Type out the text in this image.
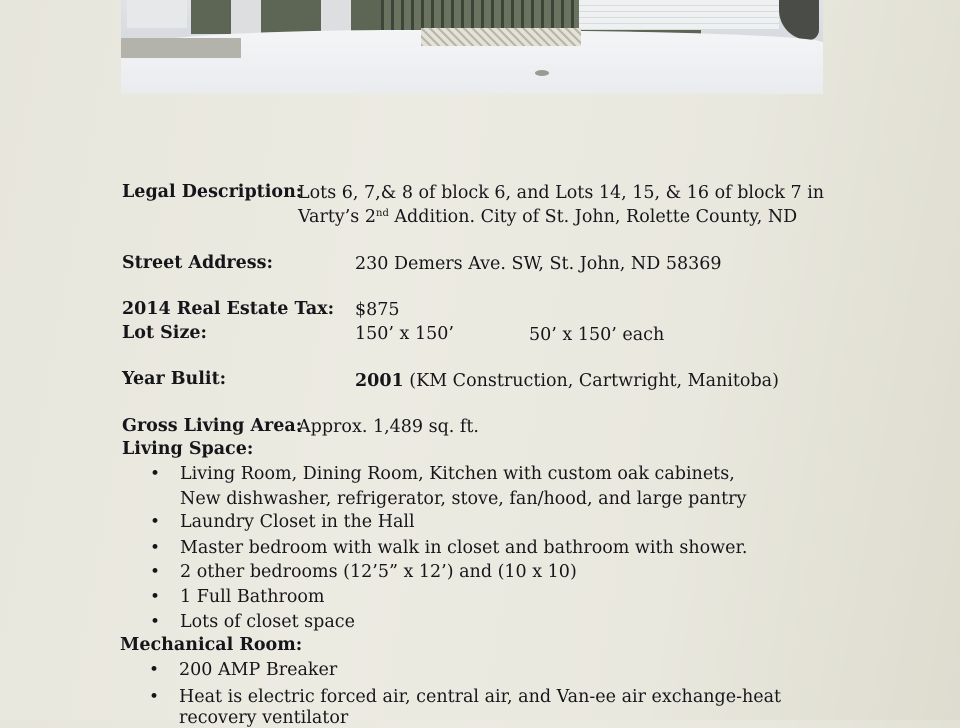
Legal Description:
Lots 6, 7,& 8 of block 6, and Lots 14, 15, & 16 of block 7 in
Varty’s 2nd Addition. City of St. John, Rolette County, ND
Street Address:	230 Demers Ave. SW, St. John, ND 58369
2014 Real Estate Tax: $875
Lot Size:	150’ x 150’	50’ x 150’ each
Year Bulit:	2001 (KM Construction, Cartwright, Manitoba)
Gross Living Area:
Approx. 1,489 sq. ft.
Living Space:
• Living Room, Dining Room, Kitchen with custom oak cabinets,
New dishwasher, refrigerator, stove, fan/hood, and large pantry
• Laundry Closet in the Hall
• Master bedroom with walk in closet and bathroom with shower.
• 2 other bedrooms (12’5” x 12’) and (10 x 10)
• 1 Full Bathroom
• Lots of closet space
Mechanical Room:
• 200 AMP Breaker
• Heat is electric forced air, central air, and Van-ee air exchange-heat
recovery ventilator
